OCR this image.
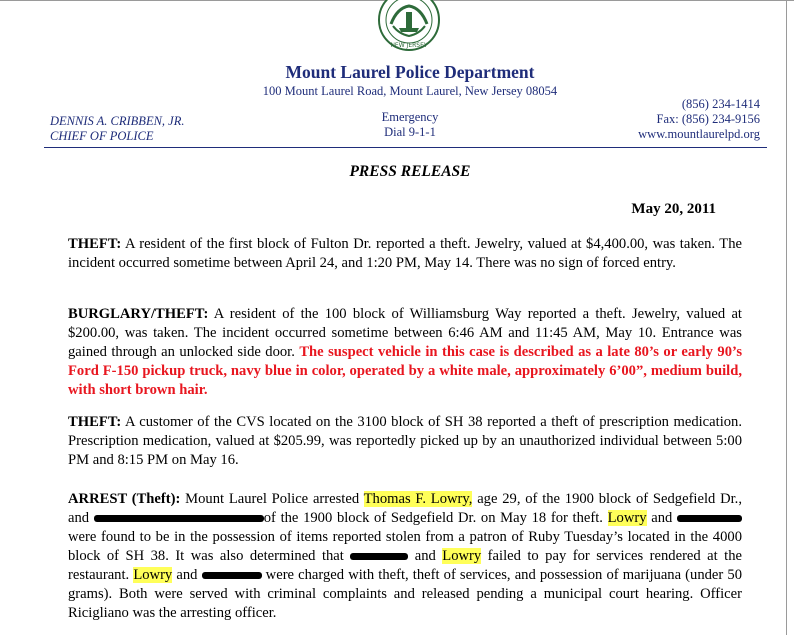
NEW JERSEY
Mount Laurel Police Department
100 Mount Laurel Road, Mount Laurel, New Jersey 08054
DENNIS A. CRIBBEN, JR.
CHIEF OF POLICE
Emergency
Dial 9-1-1
(856) 234-1414
Fax: (856) 234-9156
www.mountlaurelpd.org
PRESS RELEASE
May 20, 2011
THEFT: A resident of the first block of Fulton Dr. reported a theft. Jewelry, valued at $4,400.00, was taken. The incident occurred sometime between April 24, and 1:20 PM, May 14. There was no sign of forced entry.
BURGLARY/THEFT: A resident of the 100 block of Williamsburg Way reported a theft. Jewelry, valued at $200.00, was taken. The incident occurred sometime between 6:46 AM and 11:45 AM, May 10. Entrance was gained through an unlocked side door. The suspect vehicle in this case is described as a late 80’s or early 90’s Ford F-150 pickup truck, navy blue in color, operated by a white male, approximately 6’00”, medium build, with short brown hair.
THEFT: A customer of the CVS located on the 3100 block of SH 38 reported a theft of prescription medication. Prescription medication, valued at $205.99, was reportedly picked up by an unauthorized individual between 5:00 PM and 8:15 PM on May 16.
ARREST (Theft): Mount Laurel Police arrested Thomas F. Lowry, age 29, of the 1900 block of Sedgefield Dr., and	of the 1900 block of Sedgefield Dr. on May 18 for theft. Lowry and  were found to be in the possession of items reported stolen from a patron of Ruby Tuesday’s located in the 4000 block of SH 38. It was also determined that	and Lowry failed to pay for services rendered at the restaurant. Lowry and	were charged with theft, theft of services, and possession of marijuana (under 50 grams). Both were served with criminal complaints and released pending a municipal court hearing. Officer Ricigliano was the arresting officer.
